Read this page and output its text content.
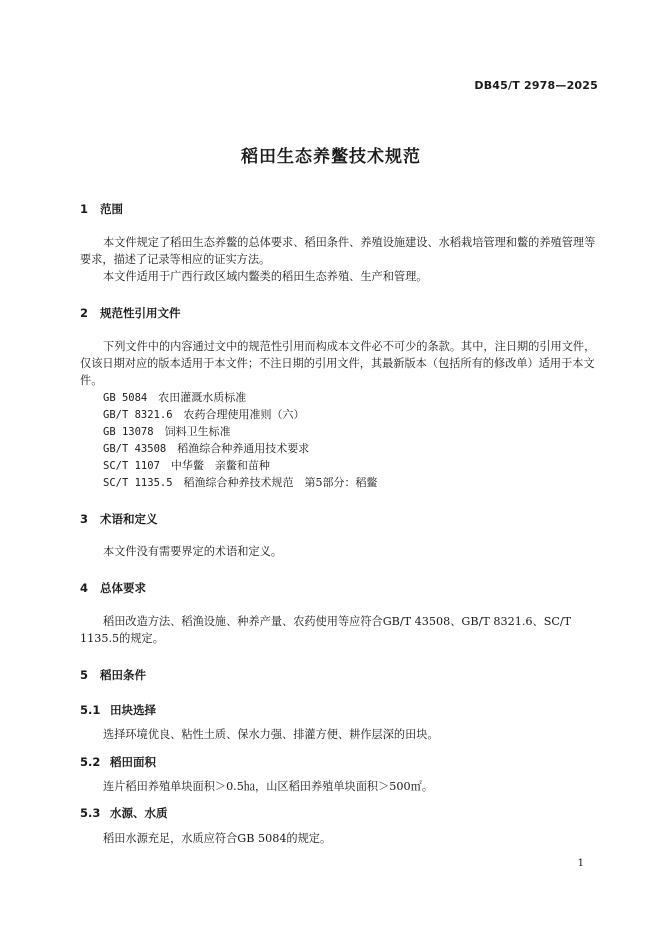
DB45/T 2978—2025
稻田生态养鳖技术规范
1 范围
本文件规定了稻田生态养鳖的总体要求、稻田条件、养殖设施建设、水稻栽培管理和鳖的养殖管理等要求，描述了记录等相应的证实方法。
本文件适用于广西行政区域内鳖类的稻田生态养殖、生产和管理。
2 规范性引用文件
下列文件中的内容通过文中的规范性引用而构成本文件必不可少的条款。其中，注日期的引用文件，仅该日期对应的版本适用于本文件；不注日期的引用文件，其最新版本（包括所有的修改单）适用于本文件。
GB 5084　 农田灌溉水质标准
GB/T 8321.6　 农药合理使用准则（六）
GB 13078　 饲料卫生标准
GB/T 43508　 稻渔综合种养通用技术要求
SC/T 1107　 中华鳖　亲鳖和苗种
SC/T 1135.5　 稻渔综合种养技术规范　第5部分：稻鳖
3 术语和定义
本文件没有需要界定的术语和定义。
4 总体要求
稻田改造方法、稻渔设施、种养产量、农药使用等应符合GB/T 43508、GB/T 8321.6、SC/T 1135.5的规定。
5 稻田条件
5.1 田块选择
选择环境优良、粘性土质、保水力强、排灌方便、耕作层深的田块。
5.2 稻田面积
连片稻田养殖单块面积＞0.5㏊，山区稻田养殖单块面积＞500㎡。
5.3 水源、水质
稻田水源充足，水质应符合GB 5084的规定。
1
